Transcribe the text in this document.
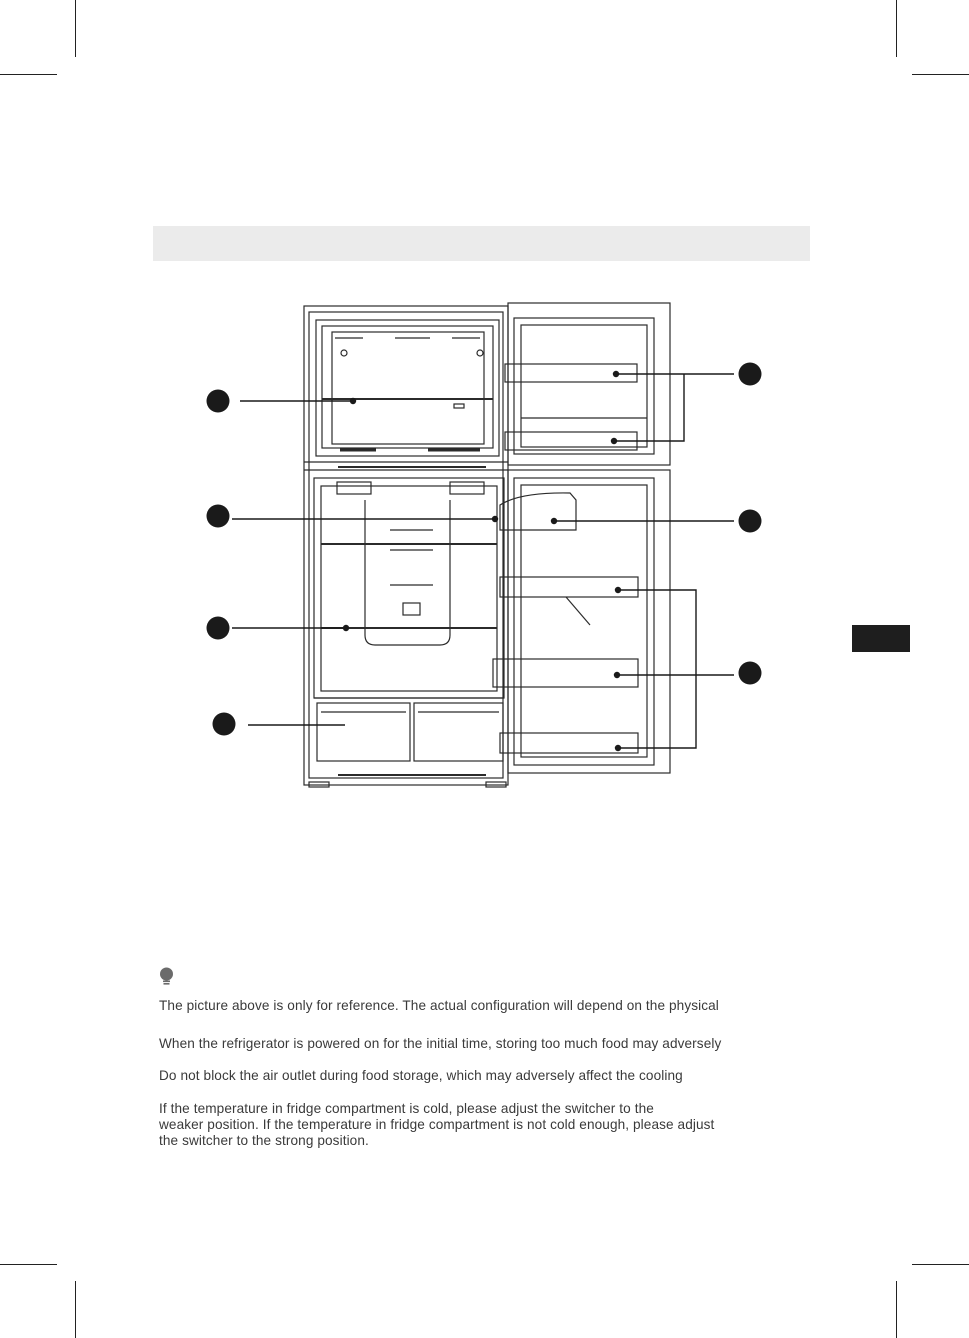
The picture above is only for reference. The actual configuration will depend on the physical

When the refrigerator is powered on for the initial time, storing too much food may adversely

Do not block the air outlet during food storage, which may adversely affect the cooling

If the temperature in fridge compartment is cold, please adjust the switcher to the
weaker position. If the temperature in fridge compartment is not cold enough, please adjust
the switcher to the strong position.
